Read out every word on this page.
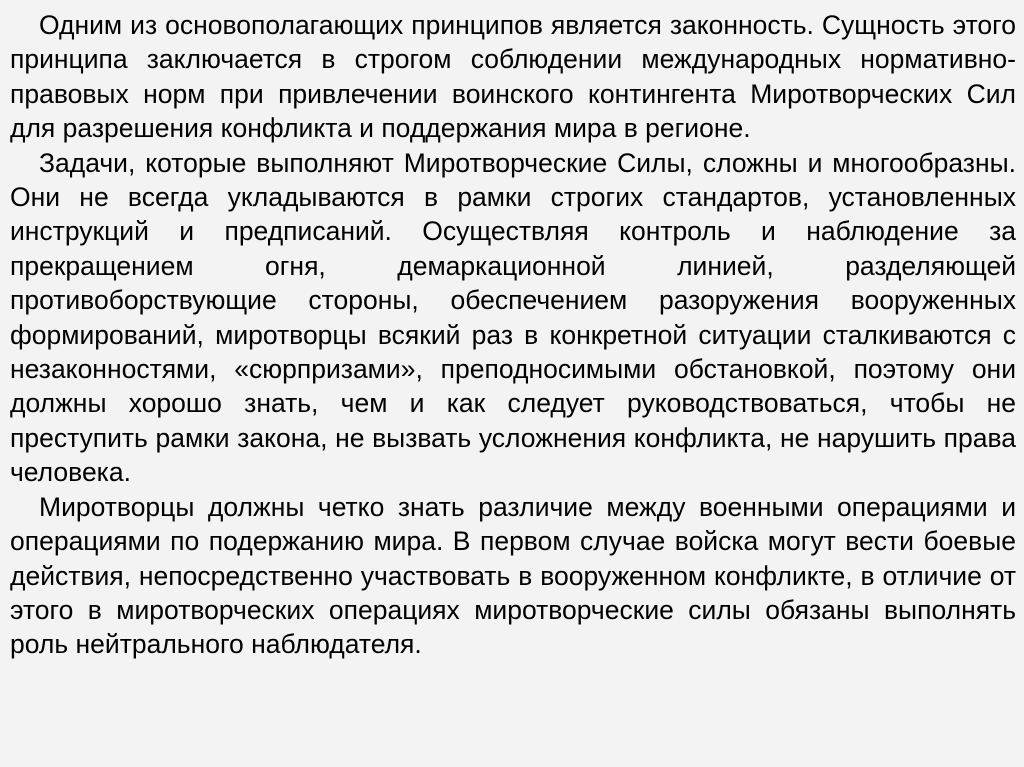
Одним из основополагающих принципов является законность. Сущность этого принципа заключается в строгом соблюдении международных нормативно-правовых норм при привлечении воинского контингента Миротворческих Сил для разрешения конфликта и поддержания мира в регионе.

Задачи, которые выполняют Миротворческие Силы, сложны и многообразны. Они не всегда укладываются в рамки строгих стандартов, установленных инструкций и предписаний. Осуществляя контроль и наблюдение за прекращением огня, демаркационной линией, разделяющей противоборствующие стороны, обеспечением разоружения вооруженных формирований, миротворцы всякий раз в конкретной ситуации сталкиваются с незаконностями, «сюрпризами», преподносимыми обстановкой, поэтому они должны хорошо знать, чем и как следует руководствоваться, чтобы не преступить рамки закона, не вызвать усложнения конфликта, не нарушить права человека.

Миротворцы должны четко знать различие между военными операциями и операциями по подержанию мира. В первом случае войска могут вести боевые действия, непосредственно участвовать в вооруженном конфликте, в отличие от этого в миротворческих операциях миротворческие силы обязаны выполнять роль нейтрального наблюдателя.
